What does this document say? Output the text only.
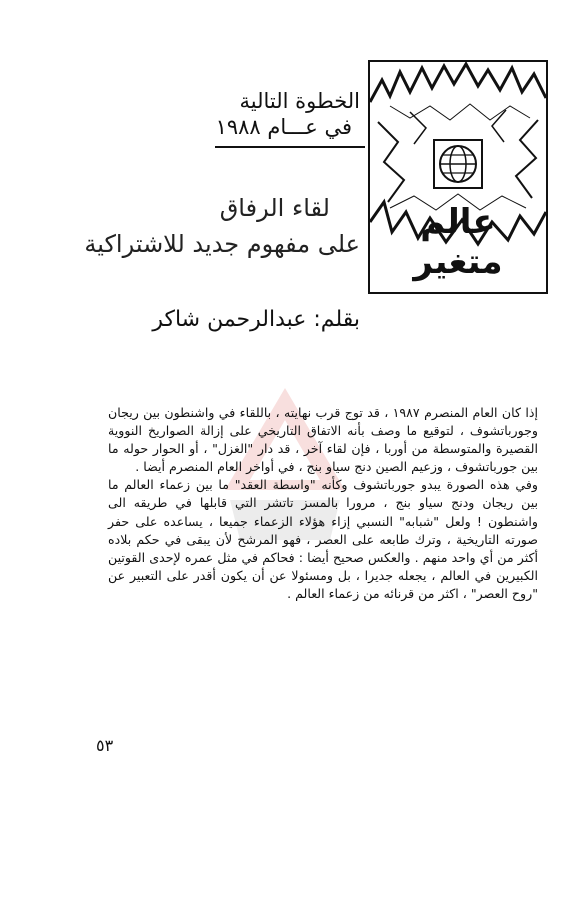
عالم متغير
الخطوة التالية
في عـــام ١٩٨٨
لقاء الرفاق
على مفهوم جديد للاشتراكية
بقلم: عبدالرحمن شاكر

إذا كان العام المنصرم ١٩٨٧ ، قد توج قرب نهايته ، باللقاء في واشنطون بين ريجان وجورباتشوف ، لتوقيع ما وصف بأنه الاتفاق التاريخي على إزالة الصواريخ النووية القصيرة والمتوسطة من أوربا ، فإن لقاء آخر ، قد دار "الغزل" ، أو الحوار حوله ما بين جورباتشوف ، وزعيم الصين دنج سياو بنج ، في أواخر العام المنصرم أيضا .

وفي هذه الصورة يبدو جورباتشوف وكأنه "واسطة العقد" ما بين زعماء العالم ما بين ريجان ودنج سياو بنج ، مرورا بالمسز تاتشر التي قابلها في طريقه الى واشنطون ! ولعل "شبابه" النسبي إزاء هؤلاء الزعماء جميعا ، يساعده على حفر صورته التاريخية ، وترك طابعه على العصر ، فهو المرشح لأن يبقى في حكم بلاده أكثر من أي واحد منهم . والعكس صحيح أيضا : فحاكم في مثل عمره لإحدى القوتين الكبيرين في العالم ، يجعله جديرا ، بل ومسئولا عن أن يكون أقدر على التعبير عن "روح العصر" ، اكثر من قرنائه من زعماء العالم .

٥٣
